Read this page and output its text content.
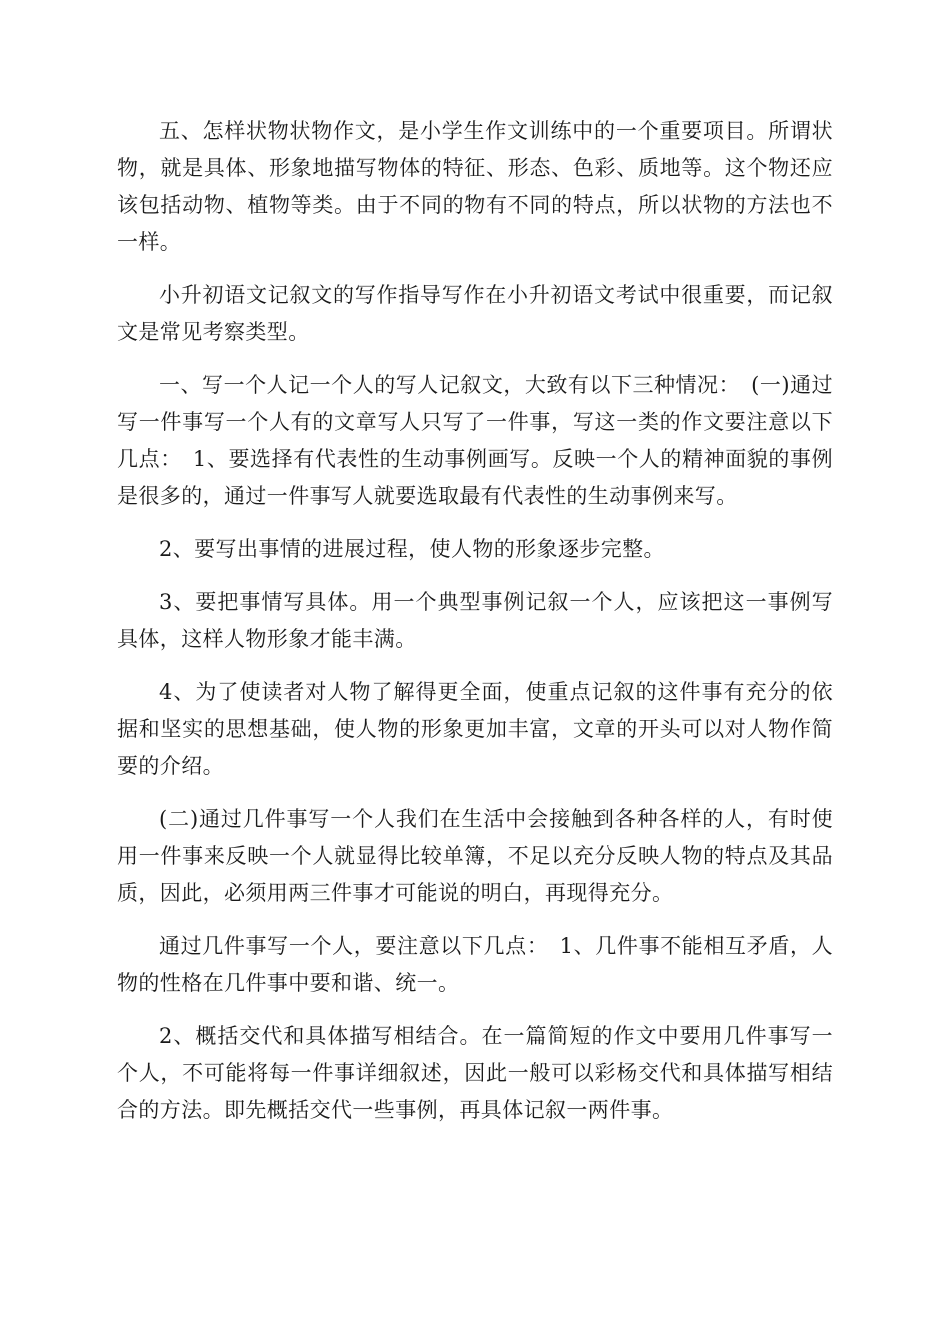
五、怎样状物状物作文，是小学生作文训练中的一个重要项目。所谓状物，就是具体、形象地描写物体的特征、形态、色彩、质地等。这个物还应该包括动物、植物等类。由于不同的物有不同的特点，所以状物的方法也不一样。

小升初语文记叙文的写作指导写作在小升初语文考试中很重要，而记叙文是常见考察类型。

一、写一个人记一个人的写人记叙文，大致有以下三种情况：　(一)通过写一件事写一个人有的文章写人只写了一件事，写这一类的作文要注意以下几点：　1、要选择有代表性的生动事例画写。反映一个人的精神面貌的事例是很多的，通过一件事写人就要选取最有代表性的生动事例来写。

2、要写出事情的进展过程，使人物的形象逐步完整。

3、要把事情写具体。用一个典型事例记叙一个人，应该把这一事例写具体，这样人物形象才能丰满。

4、为了使读者对人物了解得更全面，使重点记叙的这件事有充分的依据和坚实的思想基础，使人物的形象更加丰富，文章的开头可以对人物作简要的介绍。

(二)通过几件事写一个人我们在生活中会接触到各种各样的人，有时使用一件事来反映一个人就显得比较单簿，不足以充分反映人物的特点及其品质，因此，必须用两三件事才可能说的明白，再现得充分。

通过几件事写一个人，要注意以下几点：　1、几件事不能相互矛盾，人物的性格在几件事中要和谐、统一。

2、概括交代和具体描写相结合。在一篇简短的作文中要用几件事写一个人，不可能将每一件事详细叙述，因此一般可以彩杨交代和具体描写相结合的方法。即先概括交代一些事例，再具体记叙一两件事。
